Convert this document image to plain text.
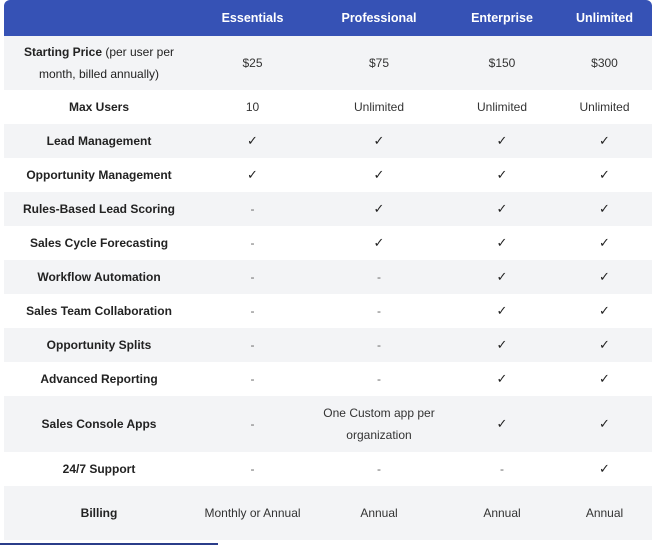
	Essentials	Professional	Enterprise	Unlimited
Starting Price (per user per month, billed annually)	$25	$75	$150	$300
Max Users	10	Unlimited	Unlimited	Unlimited
Lead Management	✓	✓	✓	✓
Opportunity Management	✓	✓	✓	✓
Rules-Based Lead Scoring	-	✓	✓	✓
Sales Cycle Forecasting	-	✓	✓	✓
Workflow Automation	-	-	✓	✓
Sales Team Collaboration	-	-	✓	✓
Opportunity Splits	-	-	✓	✓
Advanced Reporting	-	-	✓	✓
Sales Console Apps	-	One Custom app per organization	✓	✓
24/7 Support	-	-	-	✓
Billing	Monthly or Annual	Annual	Annual	Annual
